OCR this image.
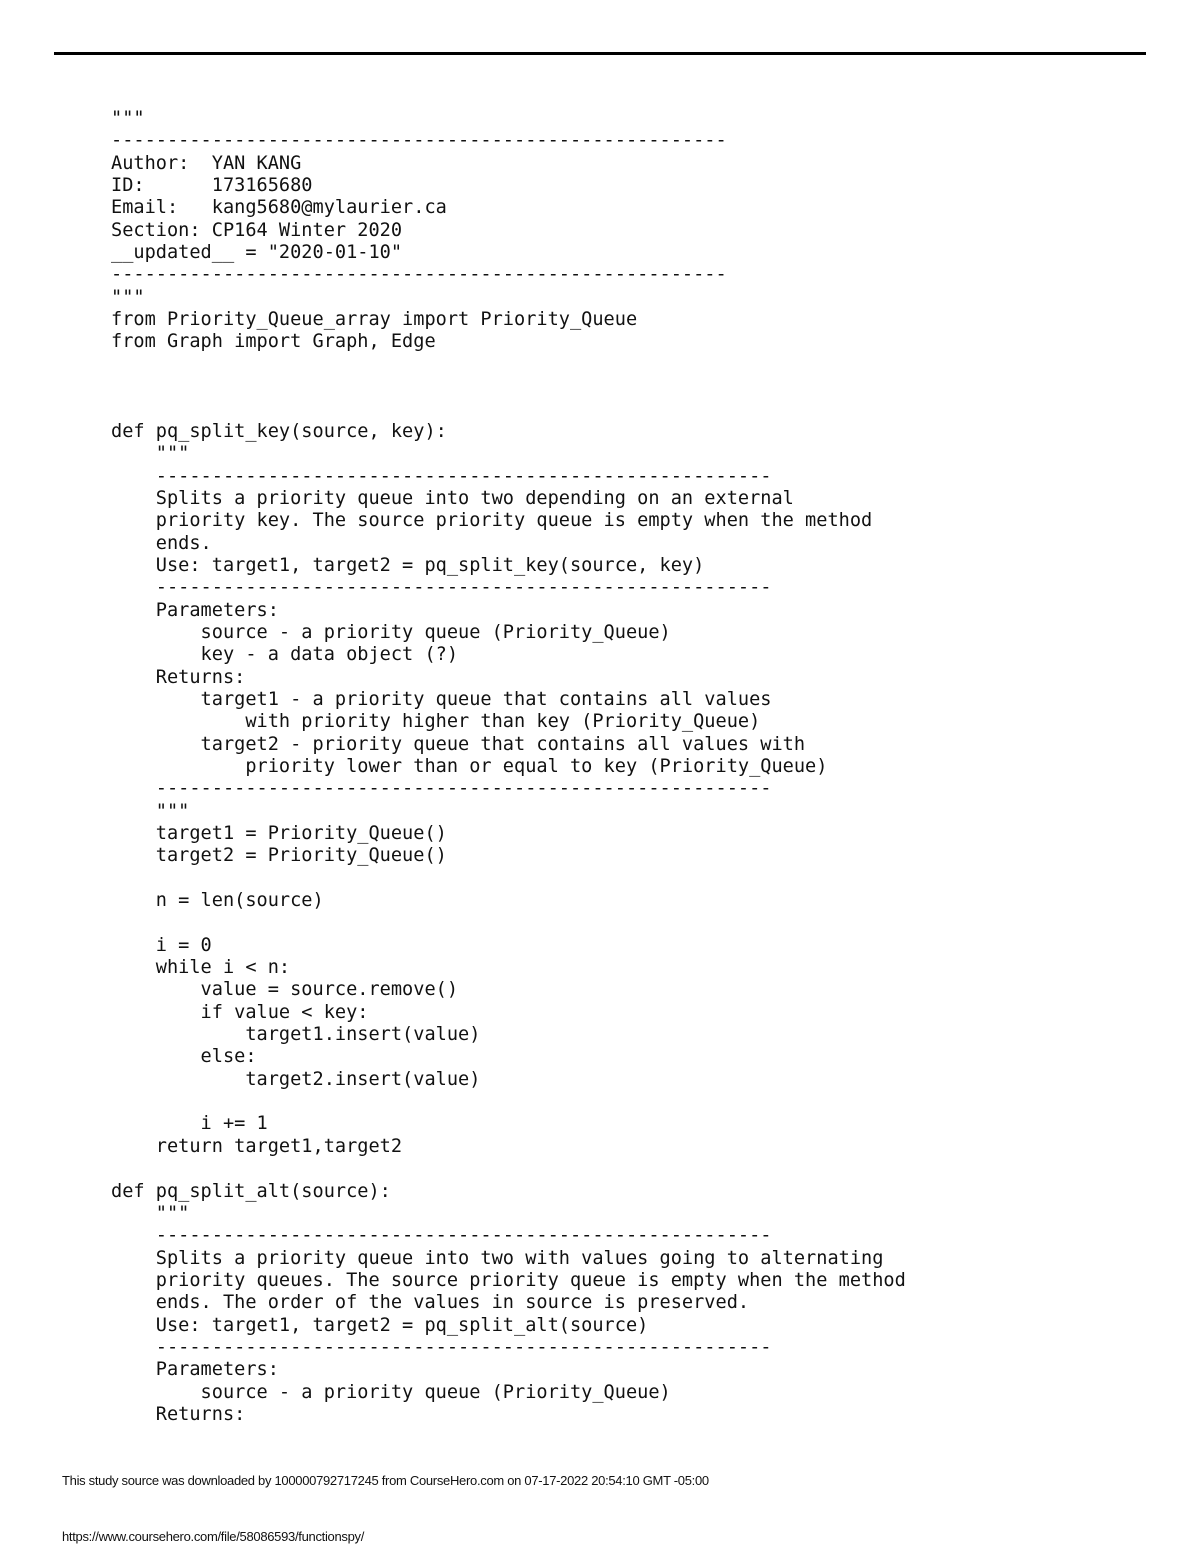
"""
-------------------------------------------------------
Author:  YAN KANG
ID:      173165680
Email:   kang5680@mylaurier.ca
Section: CP164 Winter 2020
__updated__ = "2020-01-10"
-------------------------------------------------------
"""
from Priority_Queue_array import Priority_Queue
from Graph import Graph, Edge
def pq_split_key(source, key):
"""
-------------------------------------------------------
Splits a priority queue into two depending on an external
priority key. The source priority queue is empty when the method
ends.
Use: target1, target2 = pq_split_key(source, key)
-------------------------------------------------------
Parameters:
source - a priority queue (Priority_Queue)
key - a data object (?)
Returns:
target1 - a priority queue that contains all values
with priority higher than key (Priority_Queue)
target2 - priority queue that contains all values with
priority lower than or equal to key (Priority_Queue)
-------------------------------------------------------
"""
target1 = Priority_Queue()
target2 = Priority_Queue()
n = len(source)
i = 0
while i < n:
value = source.remove()
if value < key:
target1.insert(value)
else:
target2.insert(value)
i += 1
return target1,target2
def pq_split_alt(source):
"""
-------------------------------------------------------
Splits a priority queue into two with values going to alternating
priority queues. The source priority queue is empty when the method
ends. The order of the values in source is preserved.
Use: target1, target2 = pq_split_alt(source)
-------------------------------------------------------
Parameters:
source - a priority queue (Priority_Queue)
Returns:
This study source was downloaded by 100000792717245 from CourseHero.com on 07-17-2022 20:54:10 GMT -05:00
https://www.coursehero.com/file/58086593/functionspy/
